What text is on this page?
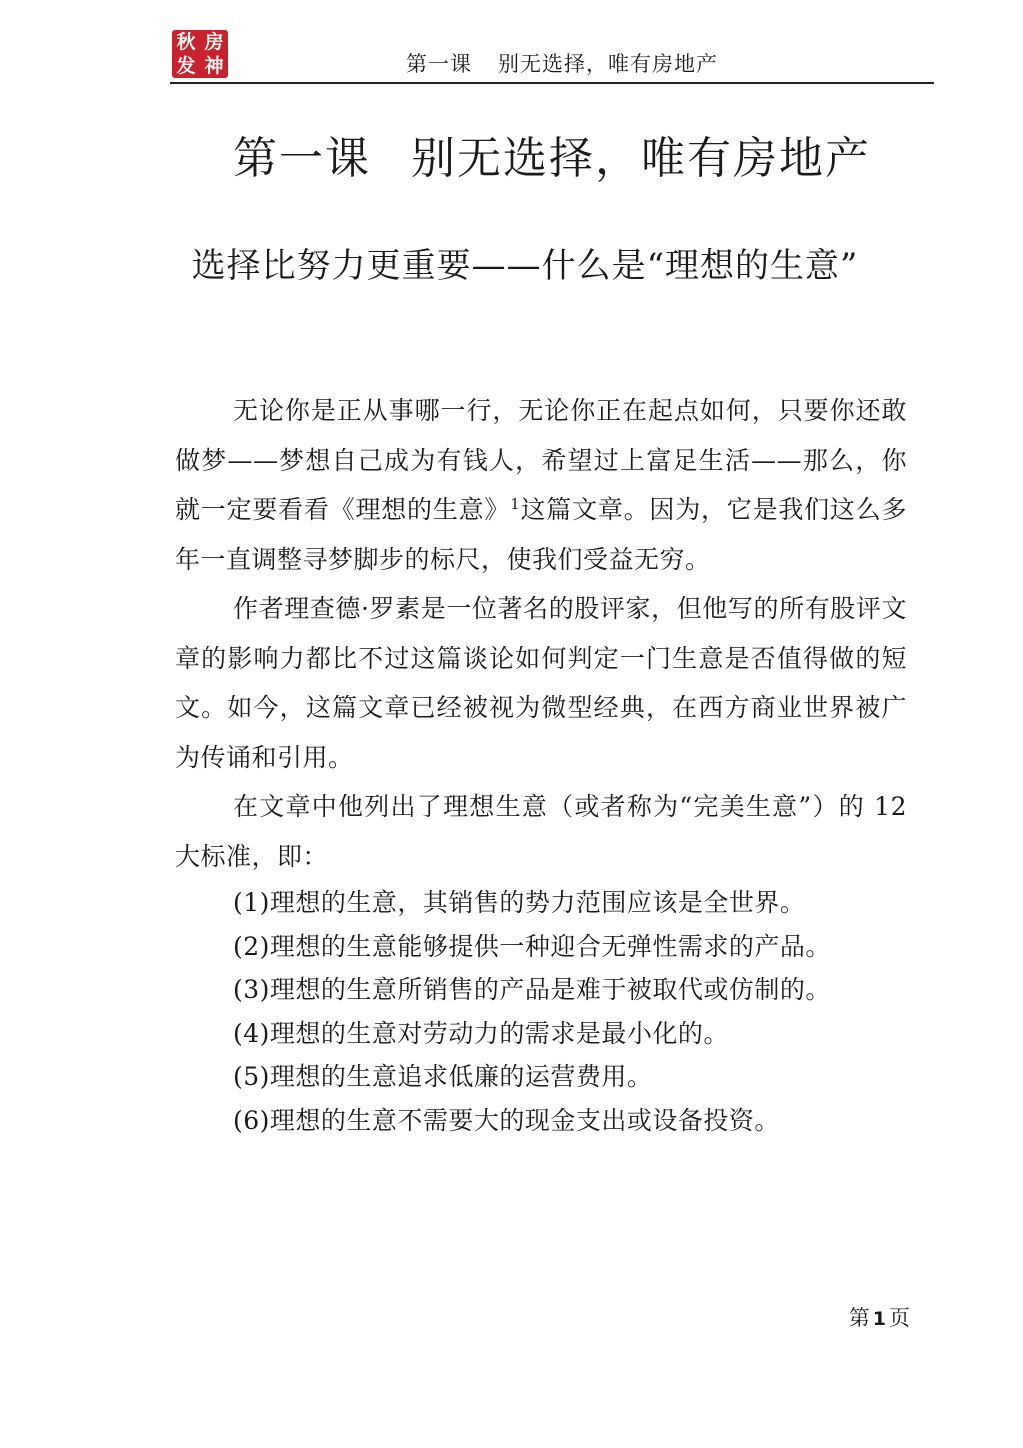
秋 房
发 神	第一课 别无选择，唯有房地产
第一课 别无选择，唯有房地产
选择比努力更重要——什么是“理想的生意”

无论你是正从事哪一行，无论你正在起点如何，只要你还敢做梦——梦想自己成为有钱人，希望过上富足生活——那么，你就一定要看看《理想的生意》$^1$这篇文章。因为，它是我们这么多年一直调整寻梦脚步的标尺，使我们受益无穷。

作者理查德·罗素是一位著名的股评家，但他写的所有股评文章的影响力都比不过这篇谈论如何判定一门生意是否值得做的短文。如今，这篇文章已经被视为微型经典，在西方商业世界被广为传诵和引用。

在文章中他列出了理想生意（或者称为“完美生意”）的 12 大标准，即：

(1)理想的生意，其销售的势力范围应该是全世界。
(2)理想的生意能够提供一种迎合无弹性需求的产品。
(3)理想的生意所销售的产品是难于被取代或仿制的。
(4)理想的生意对劳动力的需求是最小化的。
(5)理想的生意追求低廉的运营费用。
(6)理想的生意不需要大的现金支出或设备投资。
第 1 页
